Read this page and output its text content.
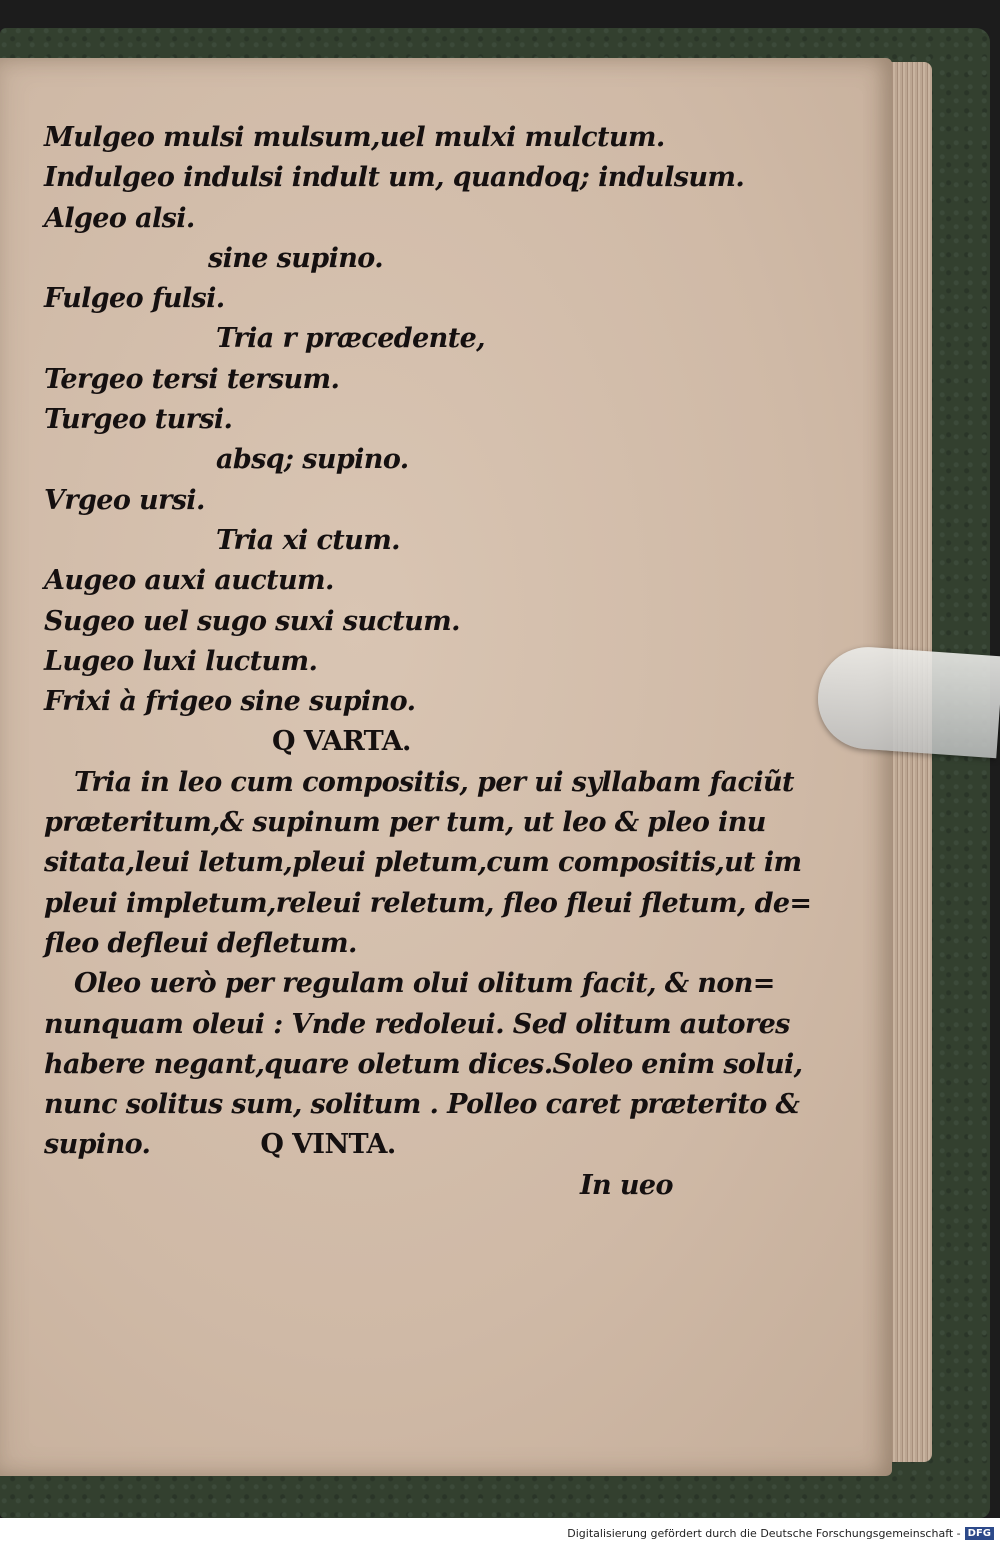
Mulgeo mulsi mulsum,uel mulxi mulctum.
Indulgeo indulsi indult um, quandoq; indulsum.
Algeo alsi.
sine supino.
Fulgeo fulsi.
Tria r præcedente,
Tergeo tersi tersum.
Turgeo tursi.
absq; supino.
Vrgeo ursi.
Tria xi ctum.
Augeo auxi auctum.
Sugeo uel sugo suxi suctum.
Lugeo luxi luctum.
Frixi à frigeo sine supino.
Q VARTA.
Tria in leo cum compositis, per ui syllabam faciũt
præteritum,& supinum per tum, ut leo & pleo inu
sitata,leui letum,pleui pletum,cum compositis,ut im
pleui impletum,releui reletum, fleo fleui fletum, de=
fleo defleui defletum.
Oleo uerò per regulam olui olitum facit, & non=
nunquam oleui : Vnde redoleui. Sed olitum autores
habere negant,quare oletum dices.Soleo enim solui,
nunc solitus sum, solitum . Polleo caret præterito &
supino.	Q VINTA.
In ueo
Digitalisierung gefördert durch die Deutsche Forschungsgemeinschaft - DFG
